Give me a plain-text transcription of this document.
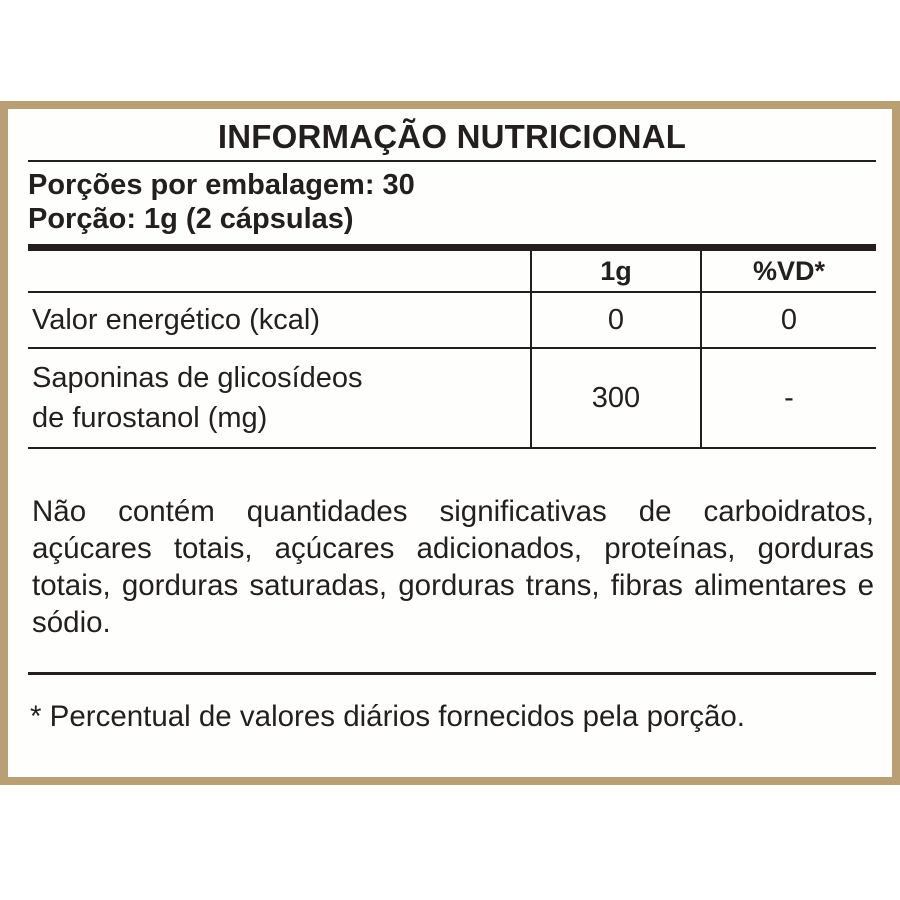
INFORMAÇÃO NUTRICIONAL
Porções por embalagem: 30
Porção: 1g (2 cápsulas)
	1g	%VD*
Valor energético (kcal)	0	0

Saponinas de glicosídeos
de furostanol (mg)	300	-
Não contém quantidades significativas de carboidratos, açúcares totais, açúcares adicionados, proteínas, gorduras totais, gorduras saturadas, gorduras trans, fibras alimentares e sódio.
* Percentual de valores diários fornecidos pela porção.
